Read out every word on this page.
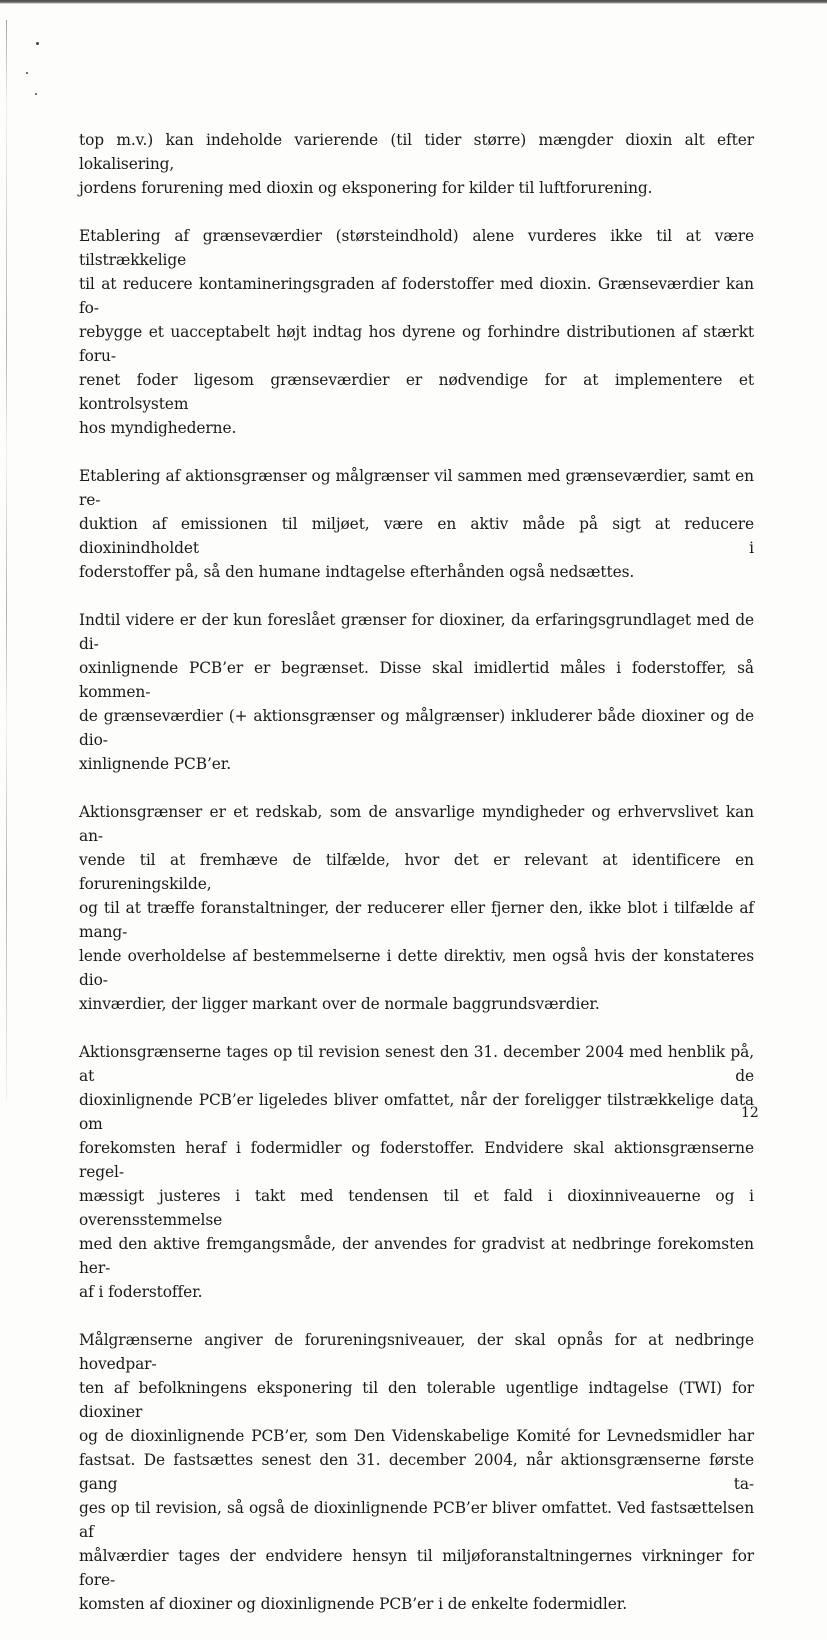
top m.v.) kan indeholde varierende (til tider større) mængder dioxin alt efter lokalisering,
jordens forurening med dioxin og eksponering for kilder til luftforurening.

Etablering af grænseværdier (størsteindhold) alene vurderes ikke til at være tilstrækkelige
til at reducere kontamineringsgraden af foderstoffer med dioxin. Grænseværdier kan fo-
rebygge et uacceptabelt højt indtag hos dyrene og forhindre distributionen af stærkt foru-
renet foder ligesom grænseværdier er nødvendige for at implementere et kontrolsystem
hos myndighederne.

Etablering af aktionsgrænser og målgrænser vil sammen med grænseværdier, samt en re-
duktion af emissionen til miljøet, være en aktiv måde på sigt at reducere dioxinindholdet i
foderstoffer på, så den humane indtagelse efterhånden også nedsættes.

Indtil videre er der kun foreslået grænser for dioxiner, da erfaringsgrundlaget med de di-
oxinlignende PCB’er er begrænset. Disse skal imidlertid måles i foderstoffer, så kommen-
de grænseværdier (+ aktionsgrænser og målgrænser) inkluderer både dioxiner og de dio-
xinlignende PCB’er.

Aktionsgrænser er et redskab, som de ansvarlige myndigheder og erhvervslivet kan an-
vende til at fremhæve de tilfælde, hvor det er relevant at identificere en forureningskilde,
og til at træffe foranstaltninger, der reducerer eller fjerner den, ikke blot i tilfælde af mang-
lende overholdelse af bestemmelserne i dette direktiv, men også hvis der konstateres dio-
xinværdier, der ligger markant over de normale baggrundsværdier.

Aktionsgrænserne tages op til revision senest den 31. december 2004 med henblik på, at de
dioxinlignende PCB’er ligeledes bliver omfattet, når der foreligger tilstrækkelige data om
forekomsten heraf i fodermidler og foderstoffer. Endvidere skal aktionsgrænserne regel-
mæssigt justeres i takt med tendensen til et fald i dioxinniveauerne og i overensstemmelse
med den aktive fremgangsmåde, der anvendes for gradvist at nedbringe forekomsten her-
af i foderstoffer.

Målgrænserne angiver de forureningsniveauer, der skal opnås for at nedbringe hovedpar-
ten af befolkningens eksponering til den tolerable ugentlige indtagelse (TWI) for dioxiner
og de dioxinlignende PCB’er, som Den Videnskabelige Komité for Levnedsmidler har
fastsat. De fastsættes senest den 31. december 2004, når aktionsgrænserne første gang ta-
ges op til revision, så også de dioxinlignende PCB’er bliver omfattet. Ved fastsættelsen af
målværdier tages der endvidere hensyn til miljøforanstaltningernes virkninger for fore-
komsten af dioxiner og dioxinlignende PCB’er i de enkelte fodermidler.

12
